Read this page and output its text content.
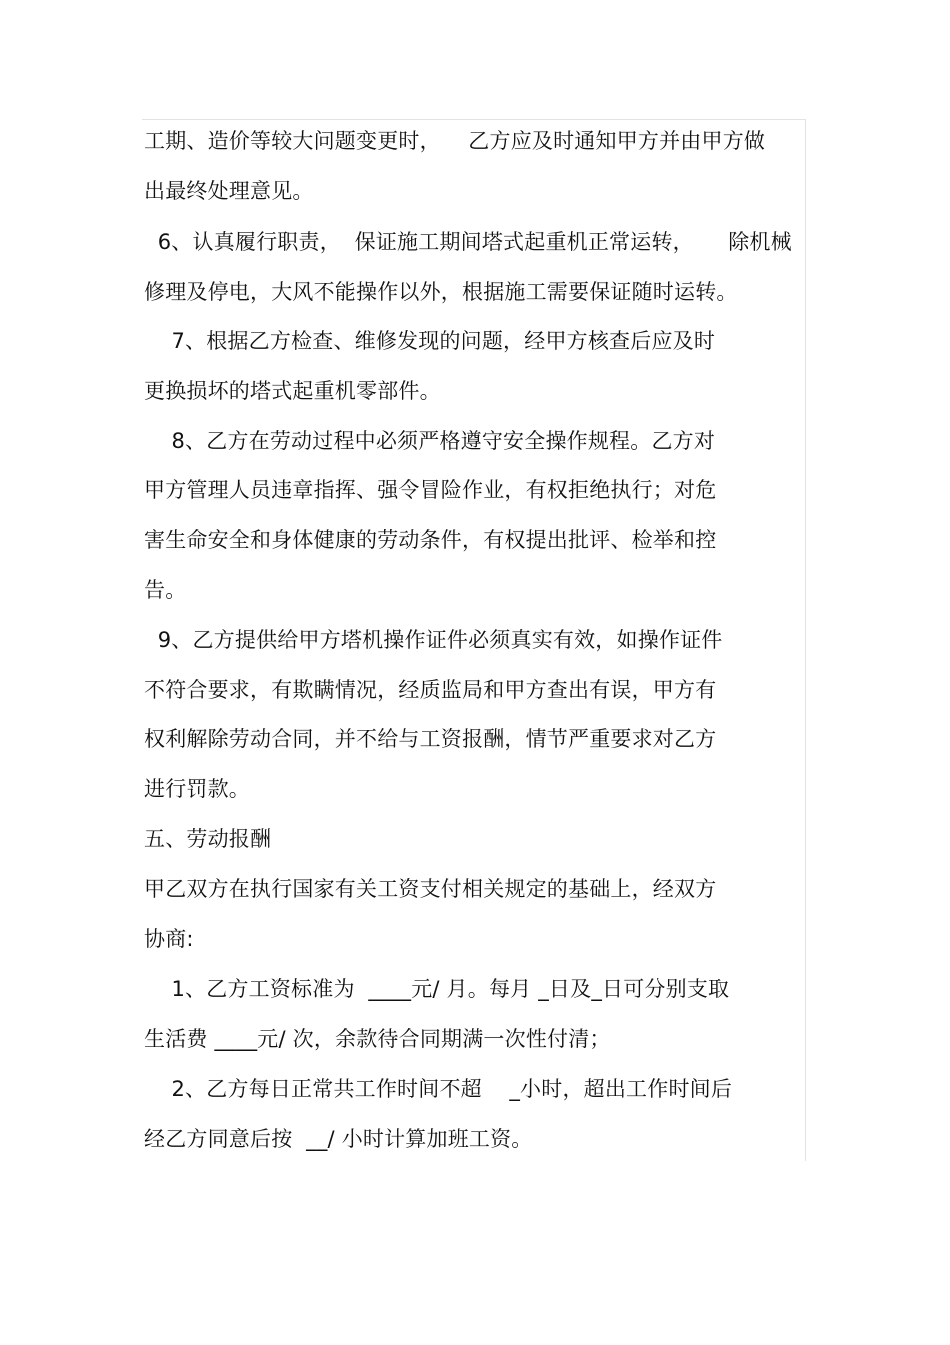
工期、造价等较大问题变更时，    乙方应及时通知甲方并由甲方做
出最终处理意见。
6、认真履行职责，  保证施工期间塔式起重机正常运转，     除机械
修理及停电，大风不能操作以外，根据施工需要保证随时运转。
7、根据乙方检查、维修发现的问题，经甲方核查后应及时
更换损坏的塔式起重机零部件。
8、乙方在劳动过程中必须严格遵守安全操作规程。乙方对
甲方管理人员违章指挥、强令冒险作业，有权拒绝执行；对危
害生命安全和身体健康的劳动条件，有权提出批评、检举和控
告。
9、乙方提供给甲方塔机操作证件必须真实有效，如操作证件
不符合要求，有欺瞒情况，经质监局和甲方查出有误，甲方有
权利解除劳动合同，并不给与工资报酬，情节严重要求对乙方
进行罚款。
五、劳动报酬
甲乙双方在执行国家有关工资支付相关规定的基础上，经双方
协商:
1、乙方工资标准为  ____元/ 月。每月 _日及_日可分别支取
生活费 ____元/ 次，余款待合同期满一次性付清；
2、乙方每日正常共工作时间不超    _小时，超出工作时间后
经乙方同意后按  __/ 小时计算加班工资。
